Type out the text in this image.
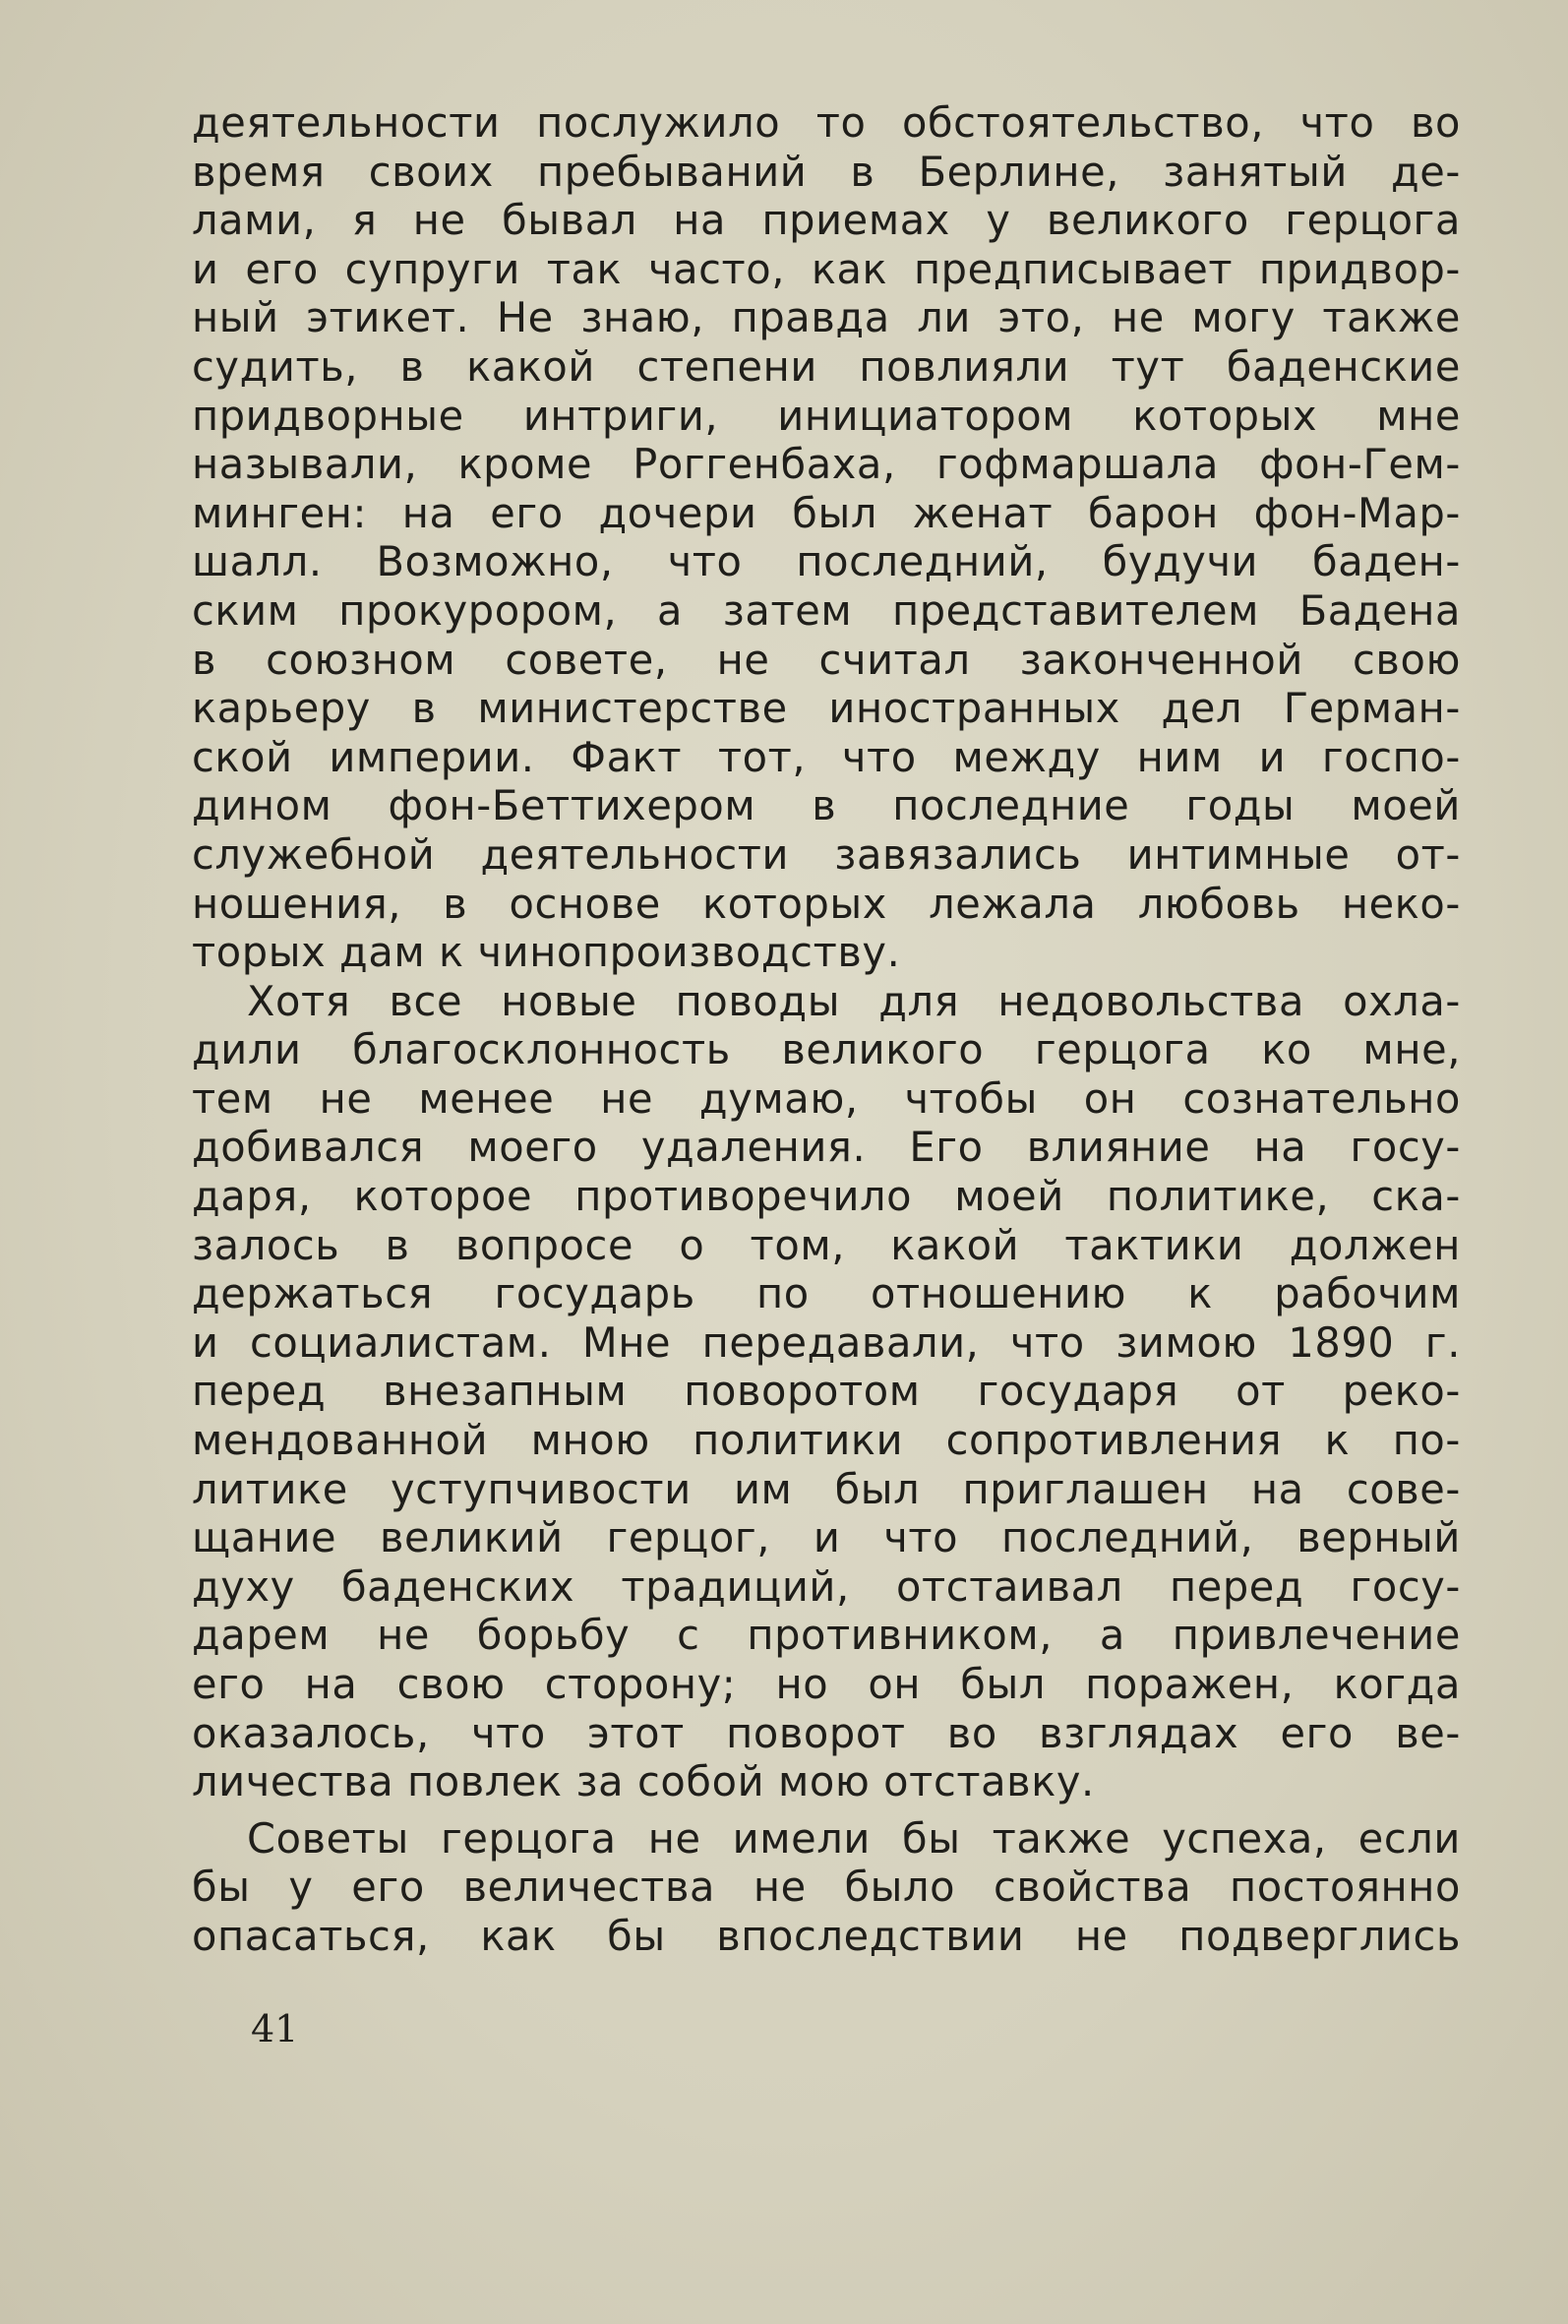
деятельности послужило то обстоятельство, что во
время своих пребываний в Берлине, занятый де-
лами, я не бывал на приемах у великого герцога
и его супруги так часто, как предписывает придвор-
ный этикет. Не знаю, правда ли это, не могу также
судить, в какой степени повлияли тут баденские
придворные интриги, инициатором которых мне
называли, кроме Роггенбаха, гофмаршала фон-Гем-
минген: на его дочери был женат барон фон-Мар-
шалл. Возможно, что последний, будучи баден-
ским прокурором, а затем представителем Бадена
в союзном совете, не считал законченной свою
карьеру в министерстве иностранных дел Герман-
ской империи. Факт тот, что между ним и госпо-
дином фон-Беттихером в последние годы моей
служебной деятельности завязались интимные от-
ношения, в основе которых лежала любовь неко-
торых дам к чинопроизводству.
Хотя все новые поводы для недовольства охла-
дили благосклонность великого герцога ко мне,
тем не менее не думаю, чтобы он сознательно
добивался моего удаления. Его влияние на госу-
даря, которое противоречило моей политике, ска-
залось в вопросе о том, какой тактики должен
держаться государь по отношению к рабочим
и социалистам. Мне передавали, что зимою 1890 г.
перед внезапным поворотом государя от реко-
мендованной мною политики сопротивления к по-
литике уступчивости им был приглашен на сове-
щание великий герцог, и что последний, верный
духу баденских традиций, отстаивал перед госу-
дарем не борьбу с противником, а привлечение
его на свою сторону; но он был поражен, когда
оказалось, что этот поворот во взглядах его ве-
личества повлек за собой мою отставку.
Советы герцога не имели бы также успеха, если
бы у его величества не было свойства постоянно
опасаться, как бы впоследствии не подверглись
41
